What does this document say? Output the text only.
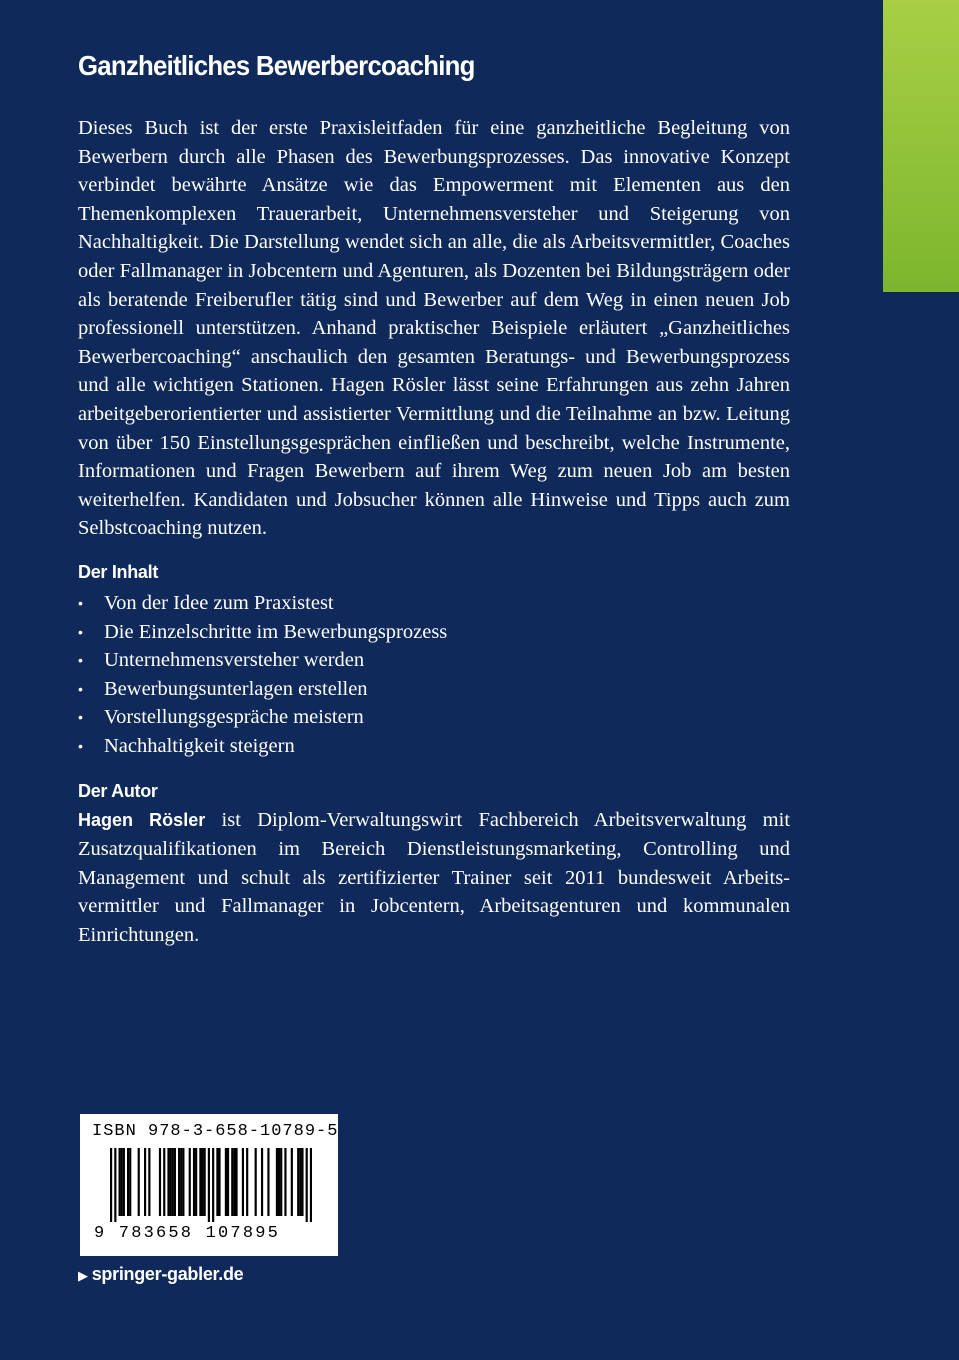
Ganzheitliches Bewerbercoaching

Dieses Buch ist der erste Praxisleitfaden für eine ganzheitliche Begleitung von Bewerbern durch alle Phasen des Bewerbungsprozesses. Das innovative Konzept verbindet bewährte Ansätze wie das Empowerment mit Elementen aus den Themenkomplexen Trauerarbeit, Unternehmensversteher und Steigerung von Nachhaltigkeit. Die Darstellung wendet sich an alle, die als Arbeitsvermittler, Coaches oder Fallmanager in Jobcentern und Agenturen, als Dozenten bei Bildungsträgern oder als beratende Freiberufler tätig sind und Bewerber auf dem Weg in einen neuen Job professionell unterstützen. Anhand praktischer Beispiele erläutert „Ganzheitliches Bewerbercoaching“ anschaulich den gesamten Beratungs- und Bewerbungsprozess und alle wichtigen Stationen. Hagen Rösler lässt seine Erfahrungen aus zehn Jahren arbeitgeberorientierter und assistierter Vermittlung und die Teilnahme an bzw. Leitung von über 150 Einstellungsgesprächen einfließen und beschreibt, welche Instrumente, Informationen und Fragen Bewerbern auf ihrem Weg zum neuen Job am besten weiterhelfen. Kandidaten und Jobsucher können alle Hinweise und Tipps auch zum Selbstcoaching nutzen.

Der Inhalt
• Von der Idee zum Praxistest
• Die Einzelschritte im Bewerbungsprozess
• Unternehmensversteher werden
• Bewerbungsunterlagen erstellen
• Vorstellungsgespräche meistern
• Nachhaltigkeit steigern
Der Autor

Hagen Rösler ist Diplom-Verwaltungswirt Fachbereich Arbeitsverwaltung mit Zusatzqualifikationen im Bereich Dienstleistungsmarketing, Controlling und Management und schult als zertifizierter Trainer seit 2011 bundesweit Arbeitsvermittler und Fallmanager in Jobcentern, Arbeitsagenturen und kommunalen Einrichtungen.

ISBN 978-3-658-10789-5
9 783658 107895
▶ springer-gabler.de
